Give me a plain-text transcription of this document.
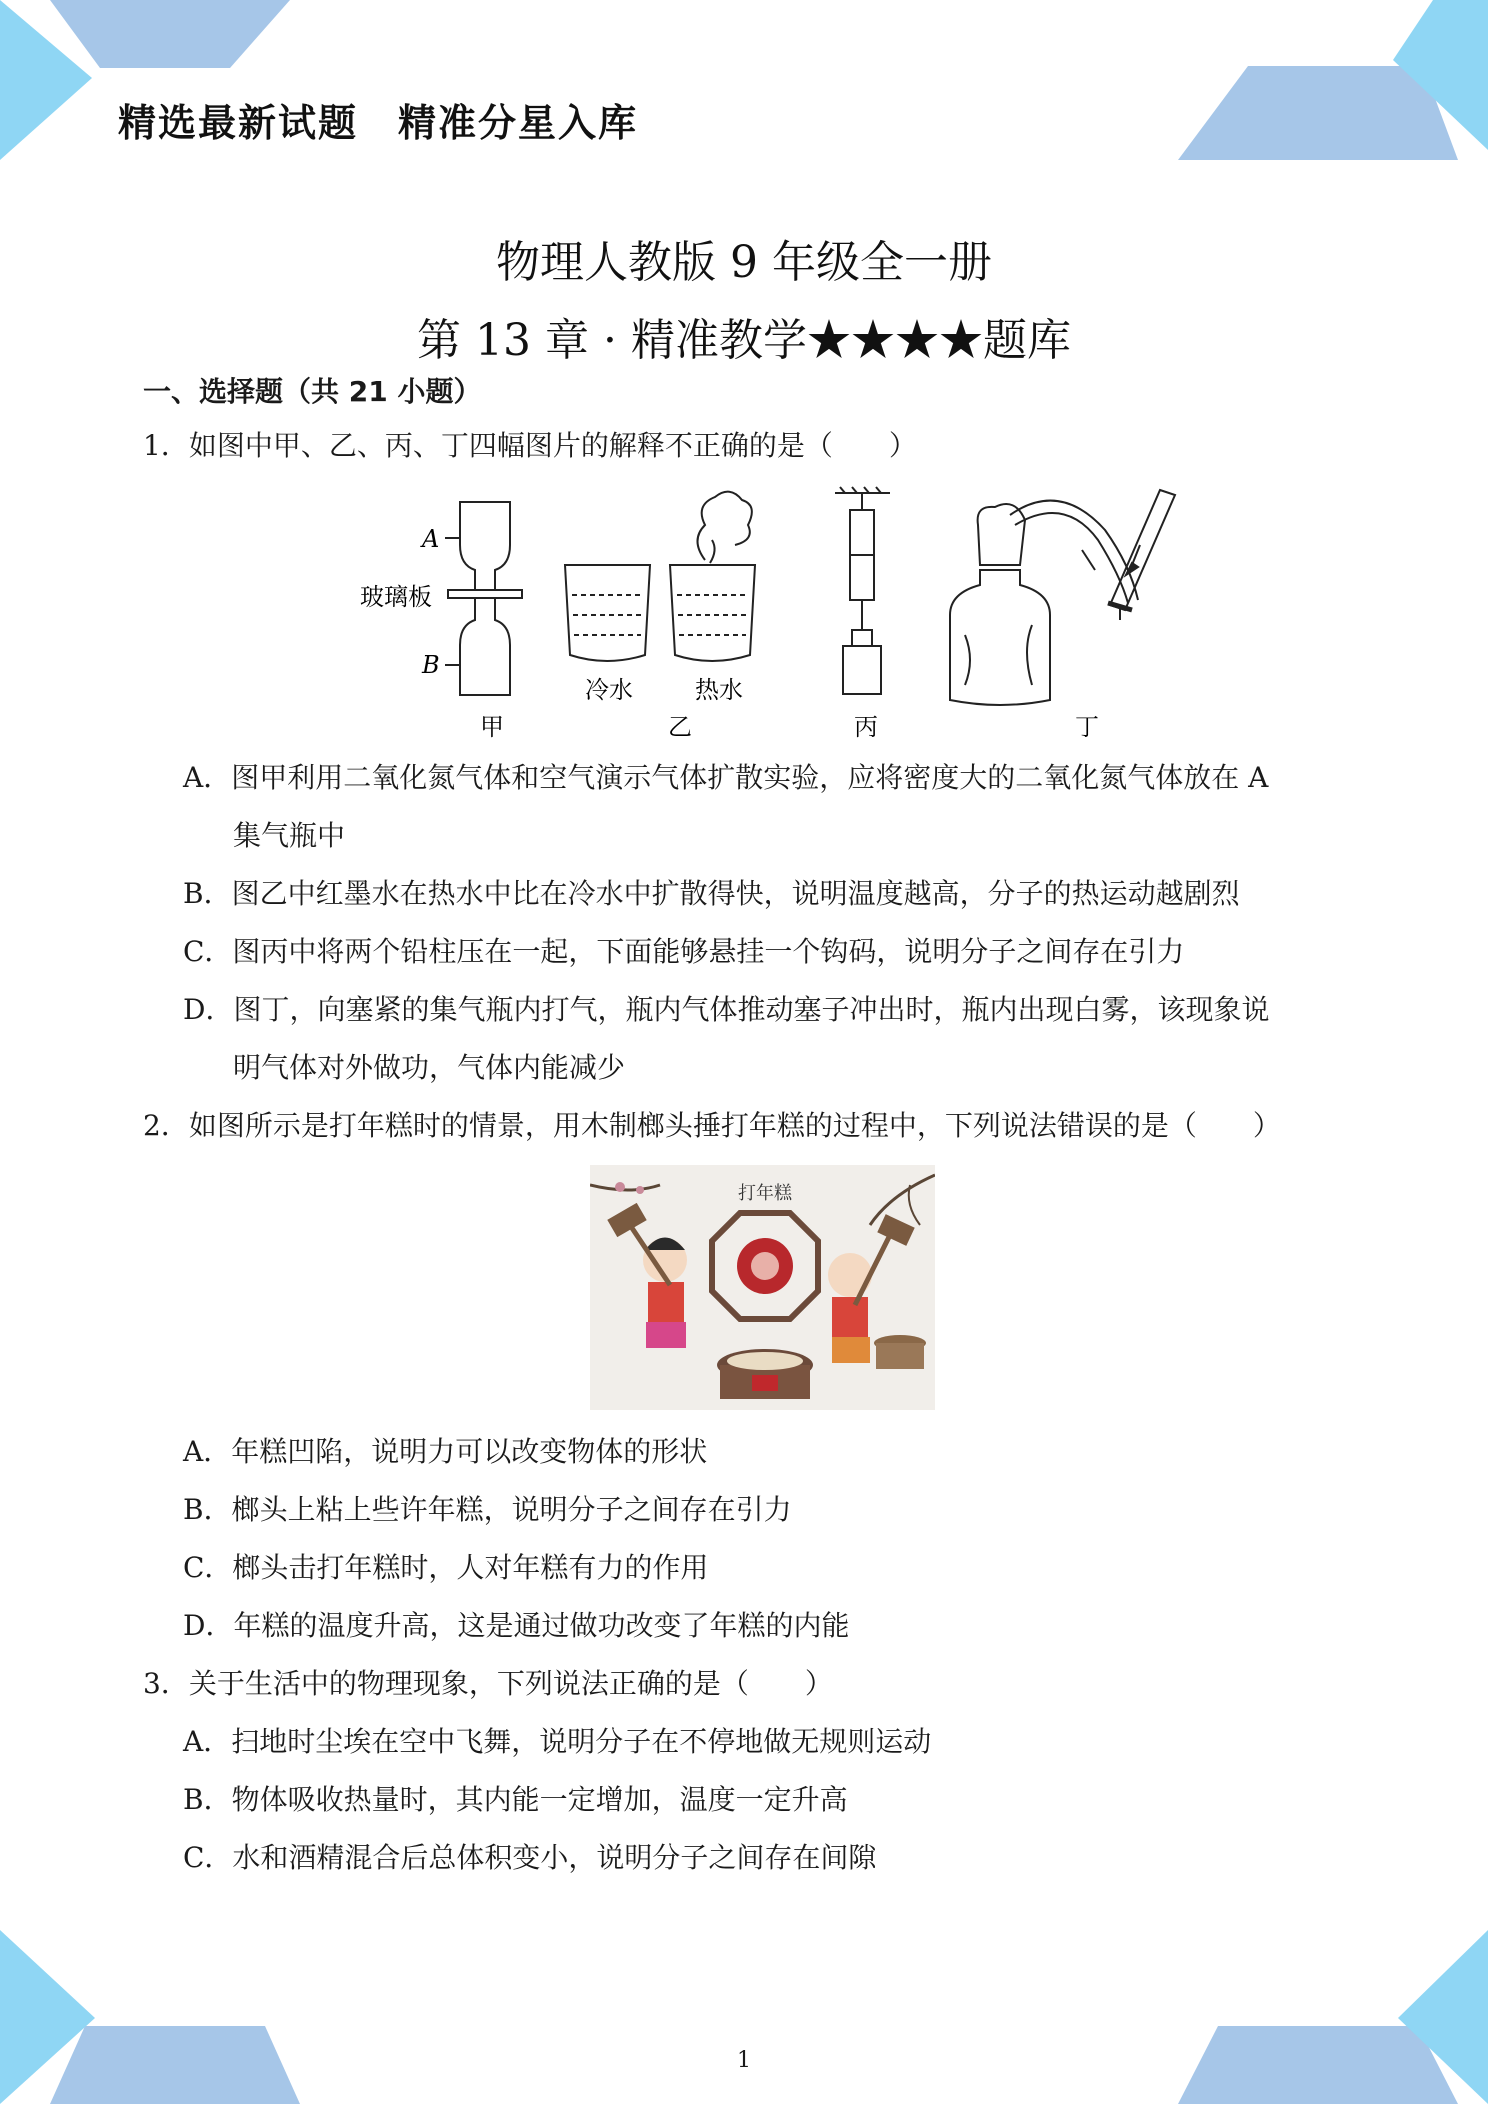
精选最新试题　精准分星入库
物理人教版 9 年级全一册
第 13 章 · 精准教学★★★★题库
一、选择题（共 21 小题）
1．如图中甲、乙、丙、丁四幅图片的解释不正确的是（　　）
A
玻璃板
B
冷水	热水
甲	乙	丙	丁
A．图甲利用二氧化氮气体和空气演示气体扩散实验，应将密度大的二氧化氮气体放在 A
集气瓶中
B．图乙中红墨水在热水中比在冷水中扩散得快，说明温度越高，分子的热运动越剧烈
C．图丙中将两个铅柱压在一起，下面能够悬挂一个钩码，说明分子之间存在引力
D．图丁，向塞紧的集气瓶内打气，瓶内气体推动塞子冲出时，瓶内出现白雾，该现象说
明气体对外做功，气体内能减少
2．如图所示是打年糕时的情景，用木制榔头捶打年糕的过程中，下列说法错误的是（　　）
打年糕
A．年糕凹陷，说明力可以改变物体的形状
B．榔头上粘上些许年糕，说明分子之间存在引力
C．榔头击打年糕时，人对年糕有力的作用
D．年糕的温度升高，这是通过做功改变了年糕的内能
3．关于生活中的物理现象，下列说法正确的是（　　）
A．扫地时尘埃在空中飞舞，说明分子在不停地做无规则运动
B．物体吸收热量时，其内能一定增加，温度一定升高
C．水和酒精混合后总体积变小，说明分子之间存在间隙
1
